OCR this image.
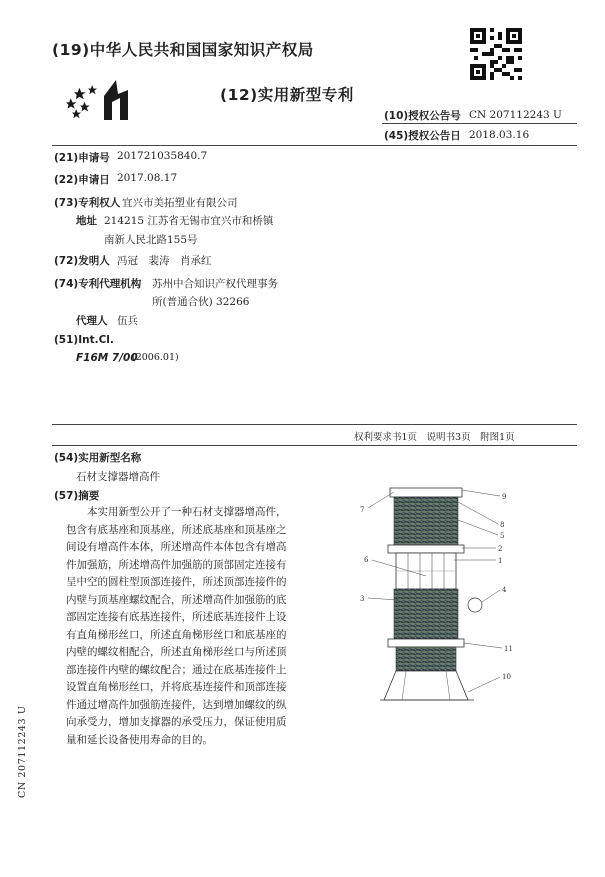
(19)中华人民共和国国家知识产权局
(12)实用新型专利
(10)授权公告号 CN 207112243 U
(45)授权公告日 2018.03.16
(21)申请号 201721035840.7
(22)申请日 2017.08.17
(73)专利权人 宜兴市美拓塑业有限公司
地址 214215 江苏省无锡市宜兴市和桥镇
南新人民北路155号
(72)发明人 冯冠　裴涛　肖承红
(74)专利代理机构 苏州中合知识产权代理事务
所(普通合伙) 32266
代理人 伍兵
(51)Int.Cl.
F16M 7/00
(2006.01)
权利要求书1页　说明书3页　附图1页
(54)实用新型名称
石材支撑器增高件
(57)摘要
本实用新型公开了一种石材支撑器增高件，
包含有底基座和顶基座，所述底基座和顶基座之
间设有增高件本体，所述增高件本体包含有增高
件加强筋，所述增高件加强筋的顶部固定连接有
呈中空的圆柱型顶部连接件，所述顶部连接件的
内壁与顶基座螺纹配合，所述增高件加强筋的底
部固定连接有底基连接件，所述底基连接件上设
有直角梯形丝口，所述直角梯形丝口和底基座的
内壁的螺纹相配合，所述直角梯形丝口与所述顶
部连接件内壁的螺纹配合；通过在底基连接件上
设置直角梯形丝口，并将底基连接件和顶部连接
件通过增高件加强筋连接件，达到增加螺纹的纵
向承受力，增加支撑器的承受压力，保证使用质
量和延长设备使用寿命的目的。
9
7
8
5
2
6	1
4
3
11
10
CN 207112243 U
